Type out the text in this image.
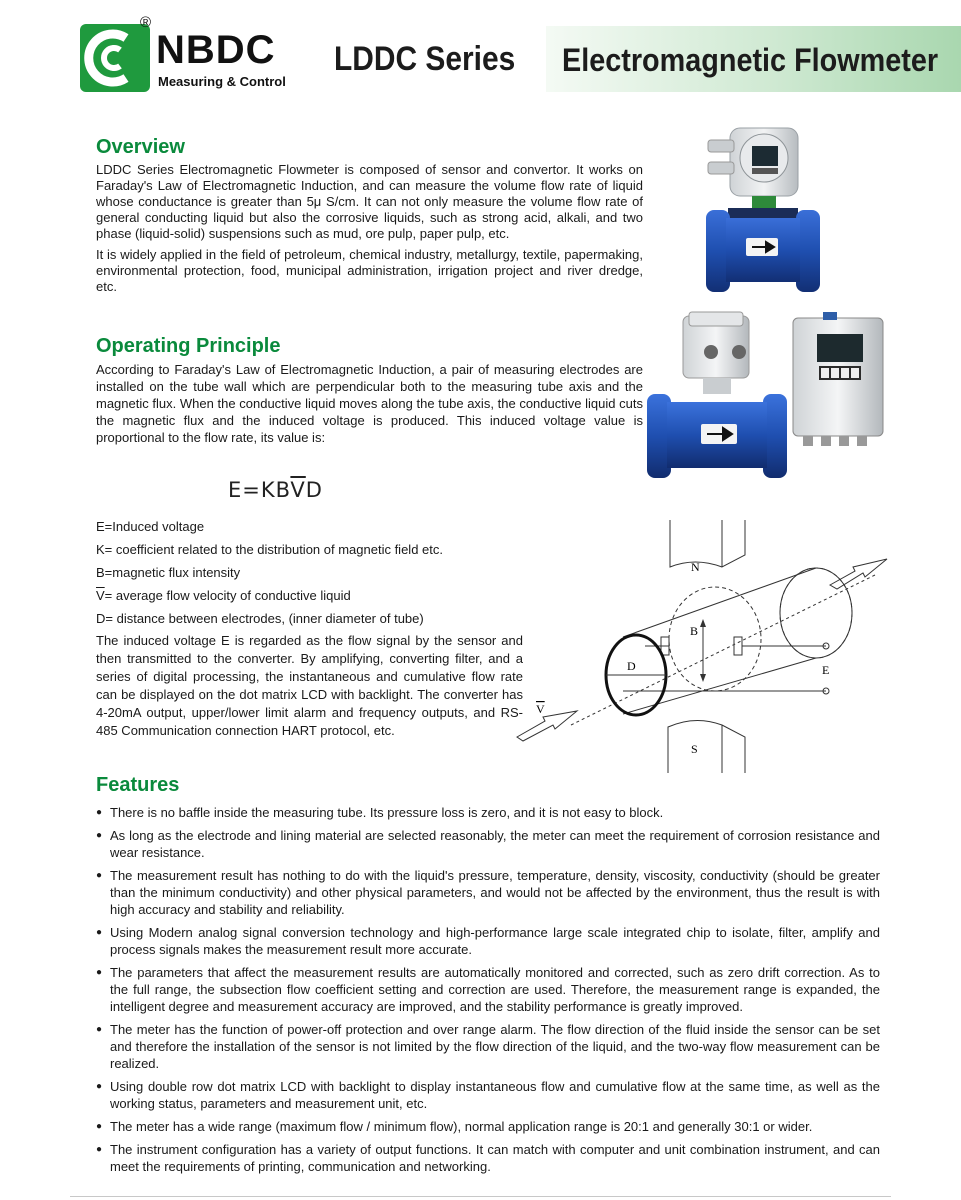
®
NBDC
Measuring & Control
LDDC Series Electromagnetic Flowmeter
Overview

LDDC Series Electromagnetic Flowmeter is composed of sensor and convertor. It works on Faraday's Law of Electromagnetic Induction, and can measure the volume flow rate of liquid whose conductance is greater than 5μ S/cm. It can not only measure the volume flow rate of general conducting liquid but also the corrosive liquids, such as strong acid, alkali, and two phase (liquid-solid) suspensions such as mud, ore pulp, paper pulp, etc.

It is widely applied in the field of petroleum, chemical industry, metallurgy, textile, papermaking, environmental protection, food, municipal administration, irrigation project and river dredge, etc.

Operating Principle
According to Faraday's Law of Electromagnetic Induction, a pair of measuring electrodes are installed on the tube wall which are perpendicular both to the measuring tube axis and the magnetic flux. When the conductive liquid moves along the tube axis, the conductive liquid cuts the magnetic flux and the induced voltage is produced. This induced voltage value is proportional to the flow rate, its value is:
$E=KB\overline{V}D$
E=Induced voltage
K= coefficient related to the distribution of magnetic field etc.
B=magnetic flux intensity
$\overline{V}=$ average flow velocity of conductive liquid
D= distance between electrodes, (inner diameter of tube)
The induced voltage E is regarded as the flow signal by the sensor and then transmitted to the converter. By amplifying, converting filter, and a series of digital processing, the instantaneous and cumulative flow rate can be displayed on the dot matrix LCD with backlight. The converter has 4-20mA output, upper/lower limit alarm and frequency outputs, and RS-485 Communication connection HART protocol, etc.
N
S
B
D	E
V
Features
● There is no baffle inside the measuring tube. Its pressure loss is zero, and it is not easy to block.
● As long as the electrode and lining material are selected reasonably, the meter can meet the requirement of corrosion resistance and wear resistance.
● The measurement result has nothing to do with the liquid's pressure, temperature, density, viscosity, conductivity (should be greater than the minimum conductivity) and other physical parameters, and would not be affected by the environment, thus the result is with high accuracy and stability and reliability.
● Using Modern analog signal conversion technology and high-performance large scale integrated chip to isolate, filter, amplify and process signals makes the measurement result more accurate.
● The parameters that affect the measurement results are automatically monitored and corrected, such as zero drift correction. As to the full range, the subsection flow coefficient setting and correction are used. Therefore, the measurement range is expanded, the intelligent degree and measurement accuracy are improved, and the stability performance is greatly improved.
● The meter has the function of power-off protection and over range alarm. The flow direction of the fluid inside the sensor can be set and therefore the installation of the sensor is not limited by the flow direction of the liquid, and the two-way flow measurement can be realized.
● Using double row dot matrix LCD with backlight to display instantaneous flow and cumulative flow at the same time, as well as the working status, parameters and measurement unit, etc.
● The meter has a wide range (maximum flow / minimum flow), normal application range is 20:1 and generally 30:1 or wider.
● The instrument configuration has a variety of output functions. It can match with computer and unit combination instrument, and can meet the requirements of printing, communication and networking.
